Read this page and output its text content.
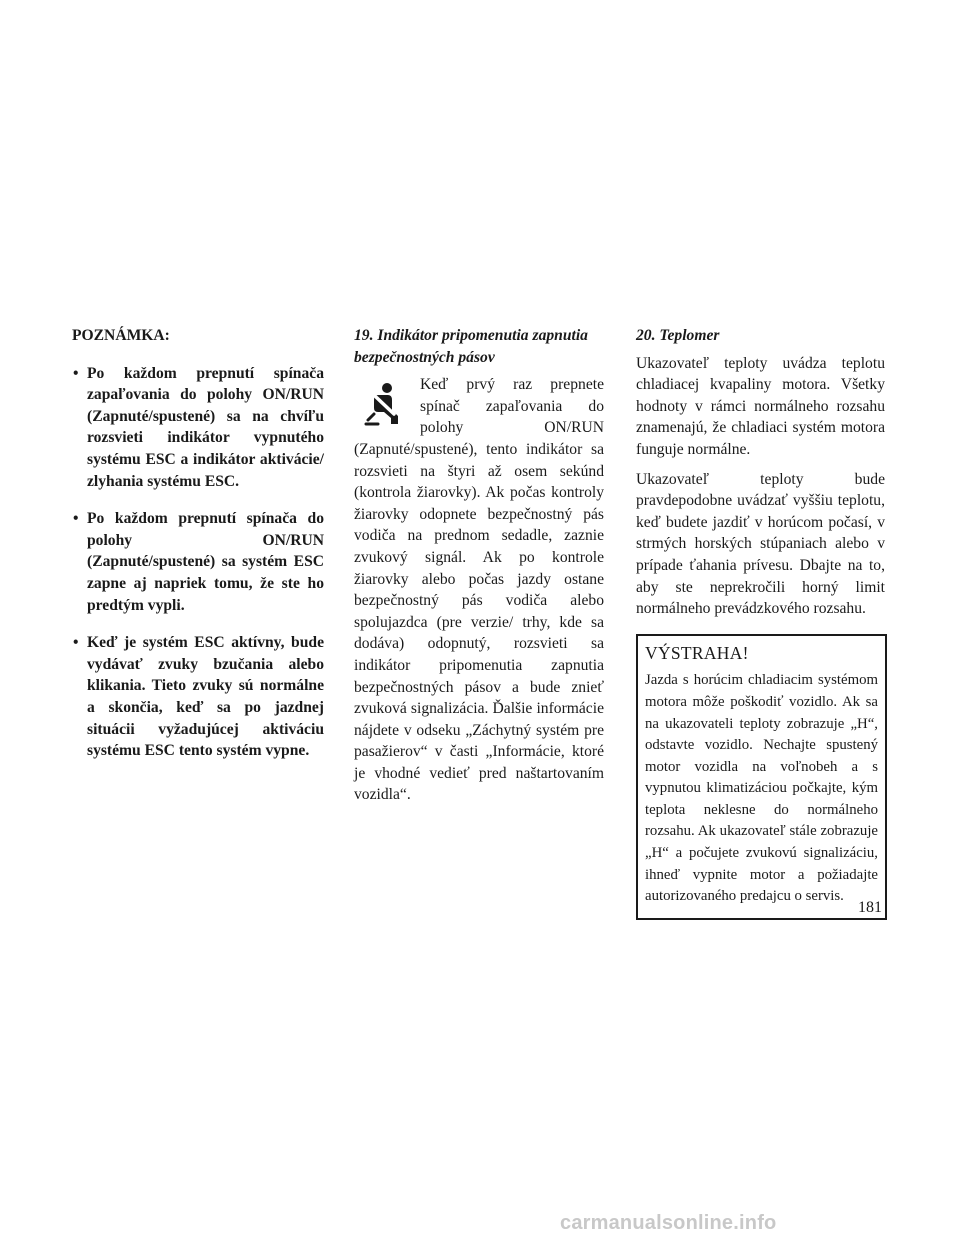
POZNÁMKA:

• Po každom prepnutí spínača zapaľovania do polohy ON/RUN (Zapnuté/spustené) sa na chvíľu rozsvieti indikátor vypnutého systému ESC a indikátor aktivácie/ zlyhania systému ESC.
• Po každom prepnutí spínača do polohy ON/RUN (Zapnuté/spustené) sa systém ESC zapne aj napriek tomu, že ste ho predtým vypli.
• Keď je systém ESC aktívny, bude vydávať zvuky bzučania alebo klikania. Tieto zvuky sú normálne a skončia, keď sa po jazdnej situácii vyžadujúcej aktiváciu systému ESC tento systém vypne.

19. Indikátor pripomenutia zapnutia bezpečnostných pásov

Keď prvý raz prepnete spínač zapaľovania do polohy ON/RUN (Zapnuté/spustené), tento indikátor sa rozsvieti na štyri až osem sekúnd (kontrola žiarovky). Ak počas kontroly žiarovky odopnete bezpečnostný pás vodiča na prednom sedadle, zaznie zvukový signál. Ak po kontrole žiarovky alebo počas jazdy ostane bezpečnostný pás vodiča alebo spolujazdca (pre verzie/ trhy, kde sa dodáva) odopnutý, rozsvieti sa indikátor pripomenutia zapnutia bezpečnostných pásov a bude znieť zvuková signalizácia. Ďalšie informácie nájdete v odseku „Záchytný systém pre pasažierov“ v časti „Informácie, ktoré je vhodné vedieť pred naštartovaním vozidla“.

20. Teplomer

Ukazovateľ teploty uvádza teplotu chladiacej kvapaliny motora. Všetky hodnoty v rámci normálneho rozsahu znamenajú, že chladiaci systém motora funguje normálne.

Ukazovateľ teploty bude pravdepodobne uvádzať vyššiu teplotu, keď budete jazdiť v horúcom počasí, v strmých horských stúpaniach alebo v prípade ťahania prívesu. Dbajte na to, aby ste neprekročili horný limit normálneho prevádzkového rozsahu.

VÝSTRAHA!

Jazda s horúcim chladiacim systémom motora môže poškodiť vozidlo. Ak sa na ukazovateli teploty zobrazuje „H“, odstavte vozidlo. Nechajte spustený motor vozidla na voľnobeh a s vypnutou klimatizáciou počkajte, kým teplota neklesne do normálneho rozsahu. Ak ukazovateľ stále zobrazuje „H“ a počujete zvukovú signalizáciu, ihneď vypnite motor a požiadajte autorizovaného predajcu o servis.

181
carmanualsonline.info
